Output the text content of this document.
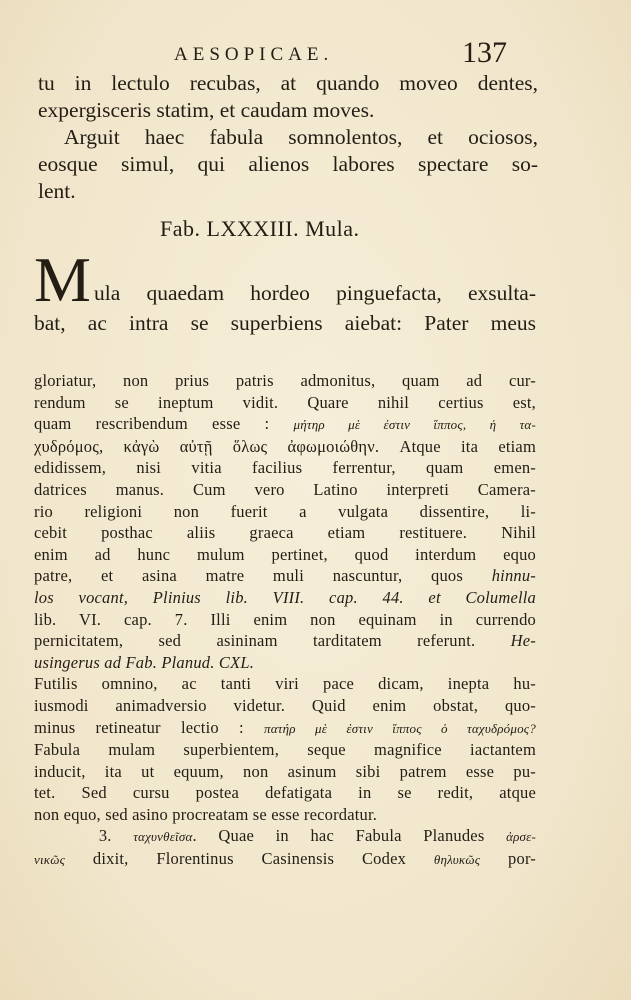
AESOPICAE.	137
tu in lectulo recubas, at quando moveo dentes,
expergisceris statim, et caudam moves.
Arguit haec fabula somnolentos, et ociosos,
eosque simul, qui alienos labores spectare so-
lent.
Fab. LXXXIII. Mula.
M ula quaedam hordeo pinguefacta, exsulta-
bat, ac intra se superbiens aiebat: Pater meus
gloriatur, non prius patris admonitus, quam ad cur-
rendum se ineptum vidit. Quare nihil certius est,
quam rescribendum esse : μήτηρ μὲ ἐστιν ἵππος, ἡ τα-
χυδρόμος, κἀγὼ αὐτῇ ὅλως ἀφωμοιώθην. Atque ita etiam
edidissem, nisi vitia facilius ferrentur, quam emen-
datrices manus. Cum vero Latino interpreti Camera-
rio religioni non fuerit a vulgata dissentire, li-
cebit posthac aliis graeca etiam restituere. Nihil
enim ad hunc mulum pertinet, quod interdum equo
patre, et asina matre muli nascuntur, quos hinnu-
los vocant, Plinius lib. VIII. cap. 44. et Columella
lib. VI. cap. 7. Illi enim non equinam in currendo
pernicitatem, sed asininam tarditatem referunt. He-
usingerus ad Fab. Planud. CXL.
Futilis omnino, ac tanti viri pace dicam, inepta hu-
iusmodi animadversio videtur. Quid enim obstat, quo-
minus retineatur lectio : πατήρ μὲ ἐστιν ἵππος ὁ ταχυδρόμος?
Fabula mulam superbientem, seque magnifice iactantem
inducit, ita ut equum, non asinum sibi patrem esse pu-
tet. Sed cursu postea defatigata in se redit, atque
non equo, sed asino procreatam se esse recordatur.
3. ταχυνθεῖσα. Quae in hac Fabula Planudes ἀρσε-
νικῶς dixit, Florentinus Casinensis Codex θηλυκῶς por-
